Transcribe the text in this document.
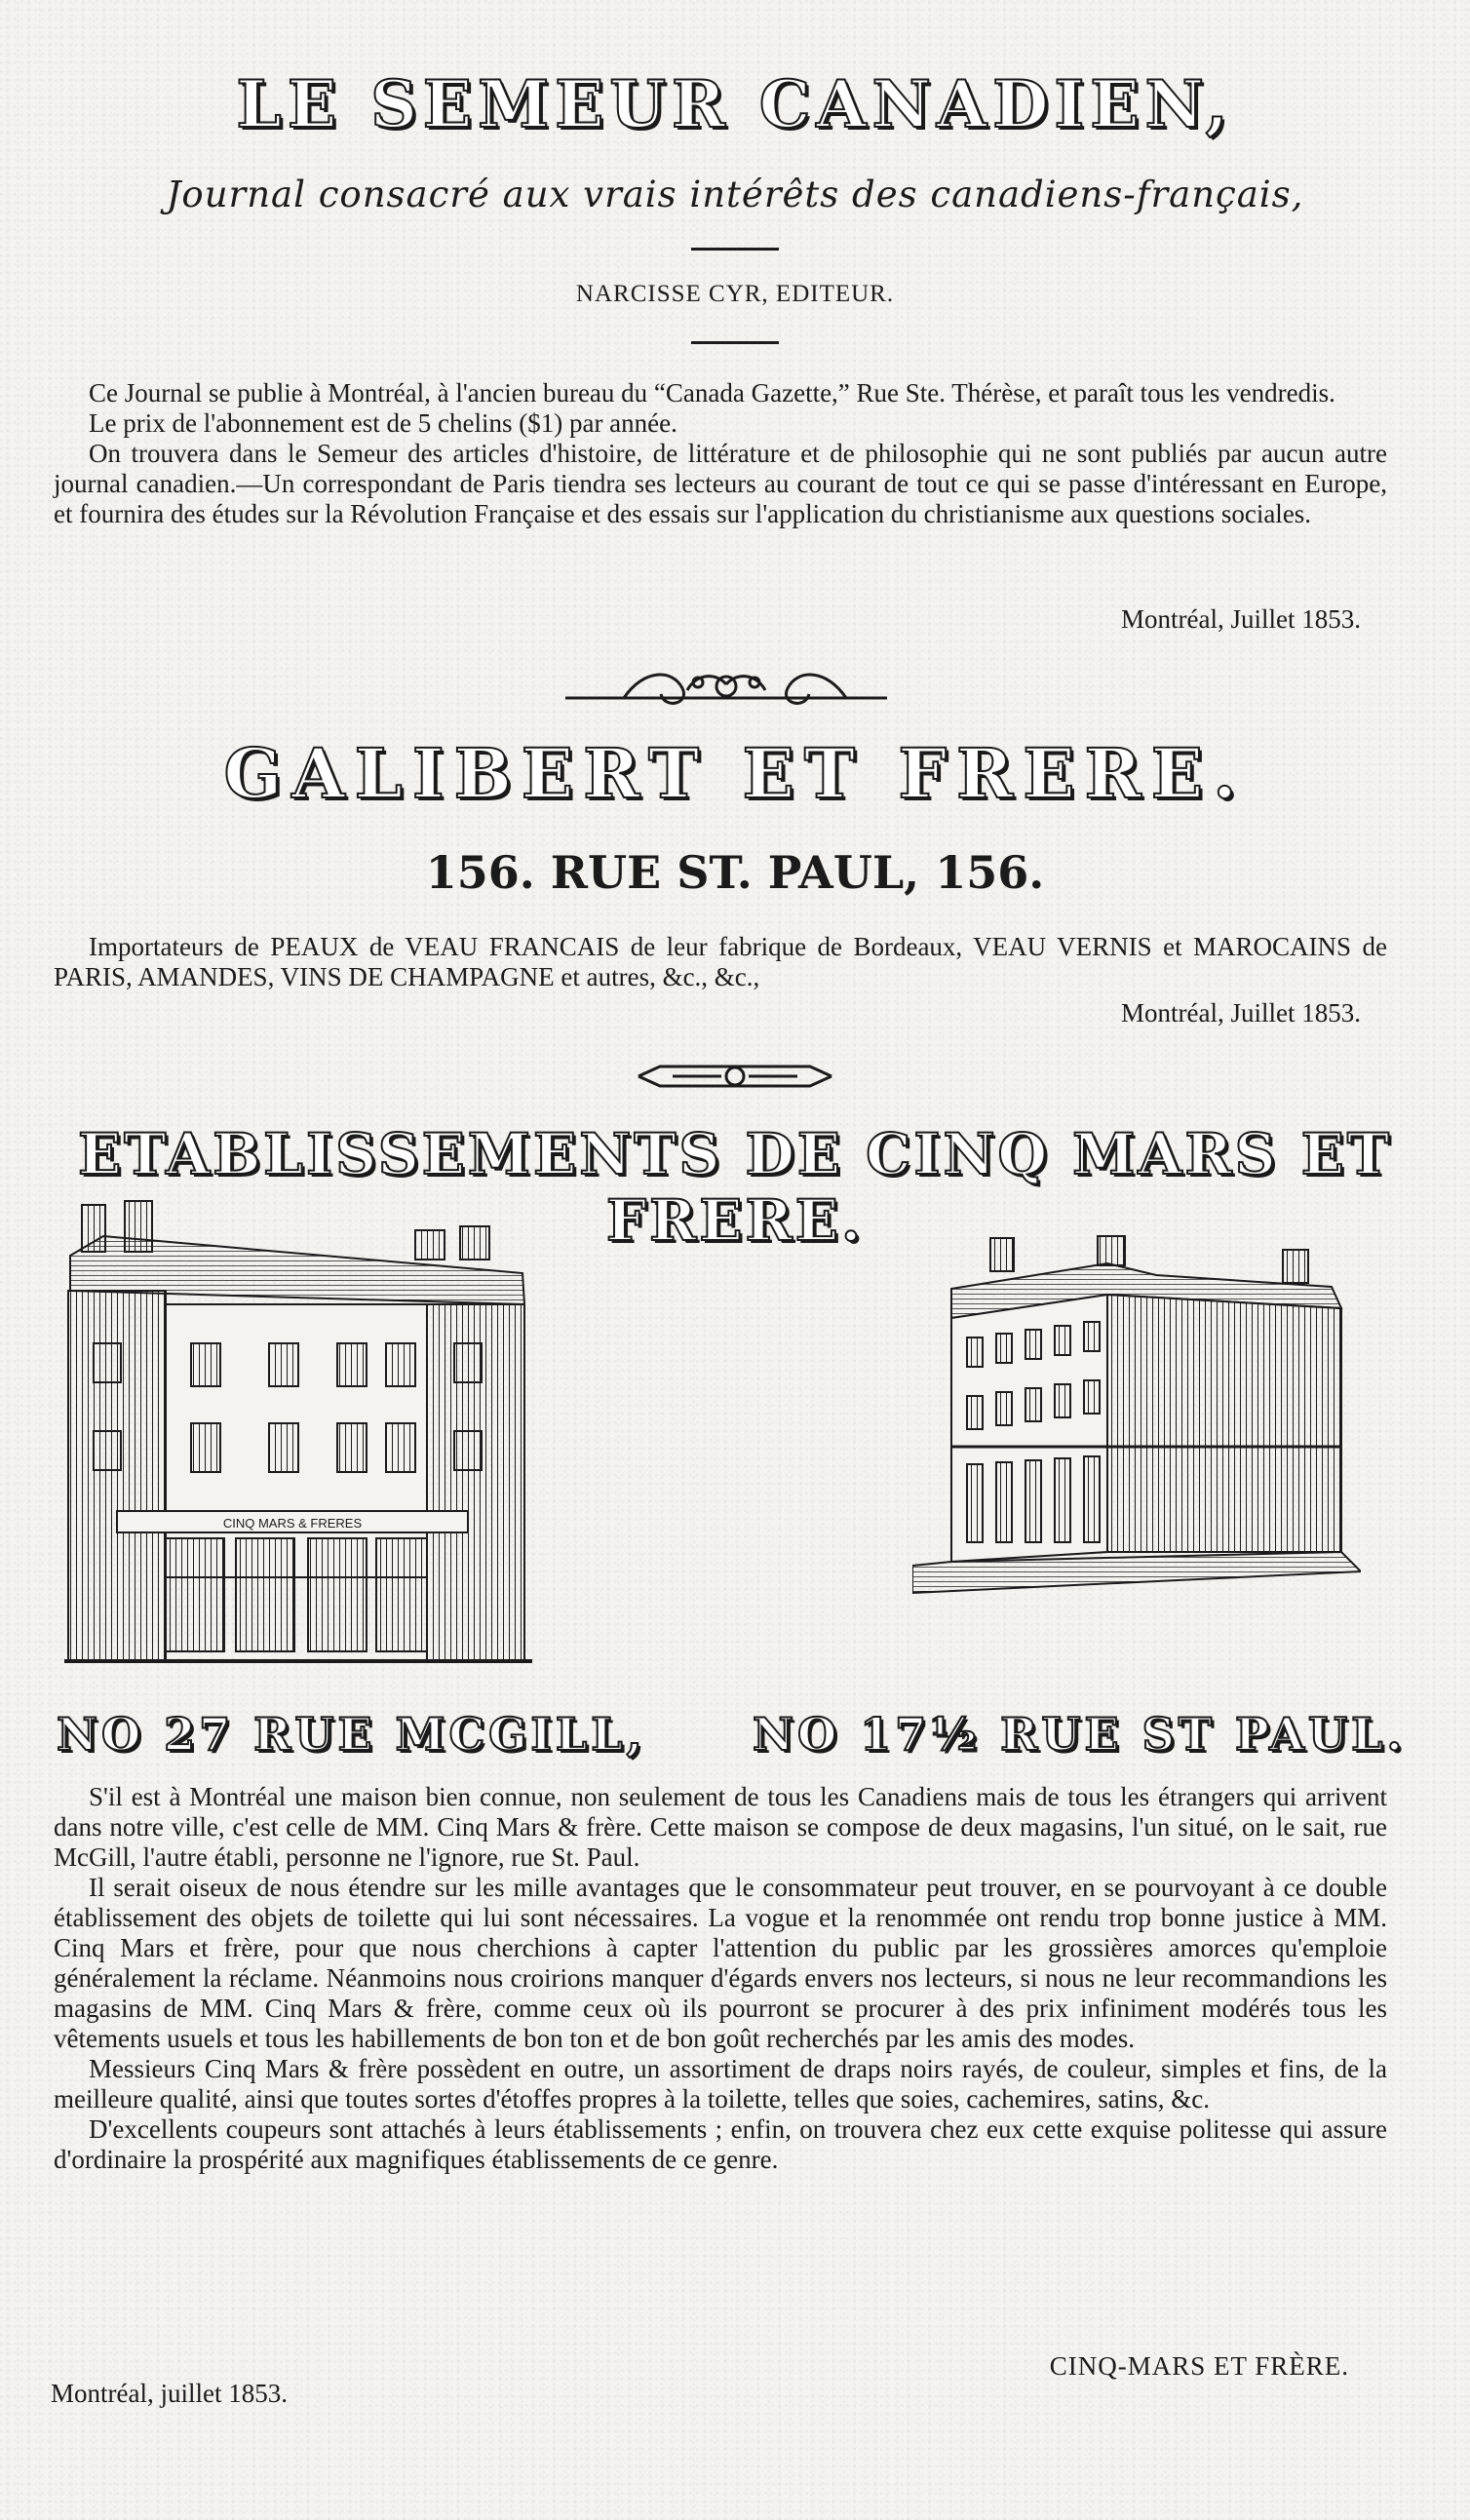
LE SEMEUR CANADIEN,
Journal consacré aux vrais intérêts des canadiens-français,
NARCISSE CYR, EDITEUR.

Ce Journal se publie à Montréal, à l'ancien bureau du “Canada Gazette,” Rue Ste. Thérèse, et paraît tous les vendredis.

Le prix de l'abonnement est de 5 chelins ($1) par année.

On trouvera dans le Semeur des articles d'histoire, de littérature et de philosophie qui ne sont publiés par aucun autre journal canadien.—Un correspondant de Paris tiendra ses lecteurs au courant de tout ce qui se passe d'intéressant en Europe, et fournira des études sur la Révolution Française et des essais sur l'application du christianisme aux questions sociales.

Montréal, Juillet 1853.
GALIBERT ET FRERE.
156. RUE ST. PAUL, 156.

Importateurs de PEAUX de VEAU FRANCAIS de leur fabrique de Bordeaux, VEAU VERNIS et MAROCAINS de PARIS, AMANDES, VINS DE CHAMPAGNE et autres, &c., &c.,

Montréal, Juillet 1853.
ETABLISSEMENTS DE CINQ MARS ET FRERE.
CINQ MARS & FRERES
NO 27 RUE MCGILL, NO 17½ RUE ST PAUL.

S'il est à Montréal une maison bien connue, non seulement de tous les Canadiens mais de tous les étrangers qui arrivent dans notre ville, c'est celle de MM. Cinq Mars & frère. Cette maison se compose de deux magasins, l'un situé, on le sait, rue McGill, l'autre établi, personne ne l'ignore, rue St. Paul.

Il serait oiseux de nous étendre sur les mille avantages que le consommateur peut trouver, en se pourvoyant à ce double établissement des objets de toilette qui lui sont nécessaires. La vogue et la renommée ont rendu trop bonne justice à MM. Cinq Mars et frère, pour que nous cherchions à capter l'attention du public par les grossières amorces qu'emploie généralement la réclame. Néanmoins nous croirions manquer d'égards envers nos lecteurs, si nous ne leur recommandions les magasins de MM. Cinq Mars & frère, comme ceux où ils pourront se procurer à des prix infiniment modérés tous les vêtements usuels et tous les habillements de bon ton et de bon goût recherchés par les amis des modes.

Messieurs Cinq Mars & frère possèdent en outre, un assortiment de draps noirs rayés, de couleur, simples et fins, de la meilleure qualité, ainsi que toutes sortes d'étoffes propres à la toilette, telles que soies, cachemires, satins, &c.

D'excellents coupeurs sont attachés à leurs établissements ; enfin, on trouvera chez eux cette exquise politesse qui assure d'ordinaire la prospérité aux magnifiques établissements de ce genre.

Montréal, juillet 1853.
CINQ-MARS ET FRÈRE.
